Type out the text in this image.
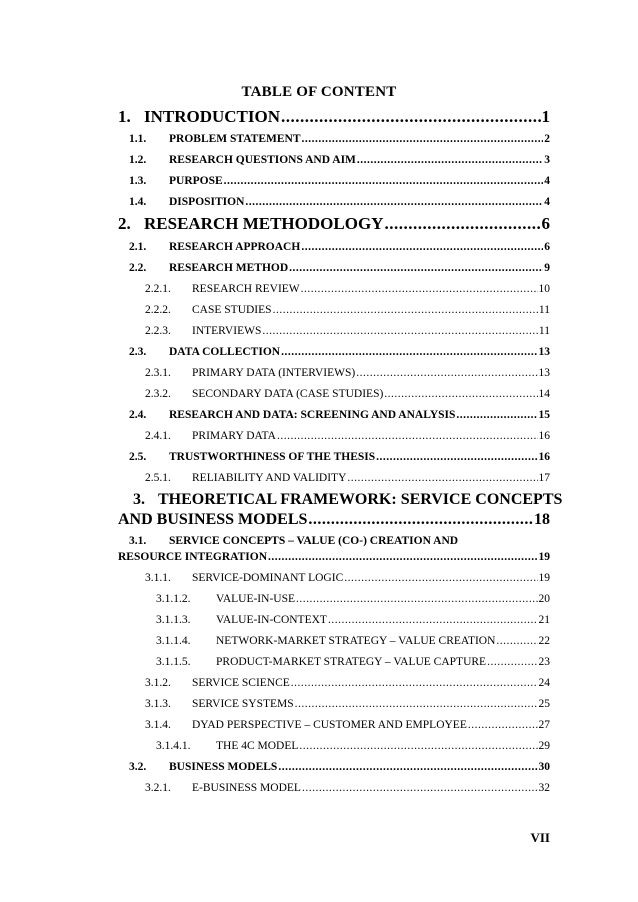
TABLE OF CONTENT
1. INTRODUCTION .....	1
1.1.	PROBLEM STATEMENT .....	2
1.2.	RESEARCH QUESTIONS AND AIM .....	3
1.3.	PURPOSE .....	4
1.4.	DISPOSITION .....	4
2. RESEARCH METHODOLOGY .....	6
2.1.	RESEARCH APPROACH .....	6
2.2.	RESEARCH METHOD .....	9
2.2.1.	RESEARCH REVIEW .....	10
2.2.2.	CASE STUDIES .....	11
2.2.3.	INTERVIEWS .....	11
2.3.	DATA COLLECTION .....	13
2.3.1.	PRIMARY DATA (INTERVIEWS) .....	13
2.3.2.	SECONDARY DATA (CASE STUDIES) .....	14
2.4.	RESEARCH AND DATA: SCREENING AND ANALYSIS .....	15
2.4.1.	PRIMARY DATA .....	16
2.5.	TRUSTWORTHINESS OF THE THESIS .....	16
2.5.1.	RELIABILITY AND VALIDITY .....	17
3. THEORETICAL FRAMEWORK: SERVICE CONCEPTS
AND BUSINESS MODELS .....	18
3.1. SERVICE CONCEPTS – VALUE (CO-) CREATION AND
RESOURCE INTEGRATION .....	19
3.1.1.	SERVICE-DOMINANT LOGIC .....	19
3.1.1.2.	VALUE-IN-USE .....	20
3.1.1.3.	VALUE-IN-CONTEXT .....	21
3.1.1.4.	NETWORK-MARKET STRATEGY – VALUE CREATION .....	22
3.1.1.5.	PRODUCT-MARKET STRATEGY – VALUE CAPTURE .....	23
3.1.2.	SERVICE SCIENCE .....	24
3.1.3.	SERVICE SYSTEMS .....	25
3.1.4.	DYAD PERSPECTIVE – CUSTOMER AND EMPLOYEE .....	27
3.1.4.1.	THE 4C MODEL .....	29
3.2.	BUSINESS MODELS .....	30
3.2.1.	E-BUSINESS MODEL .....	32
VII
